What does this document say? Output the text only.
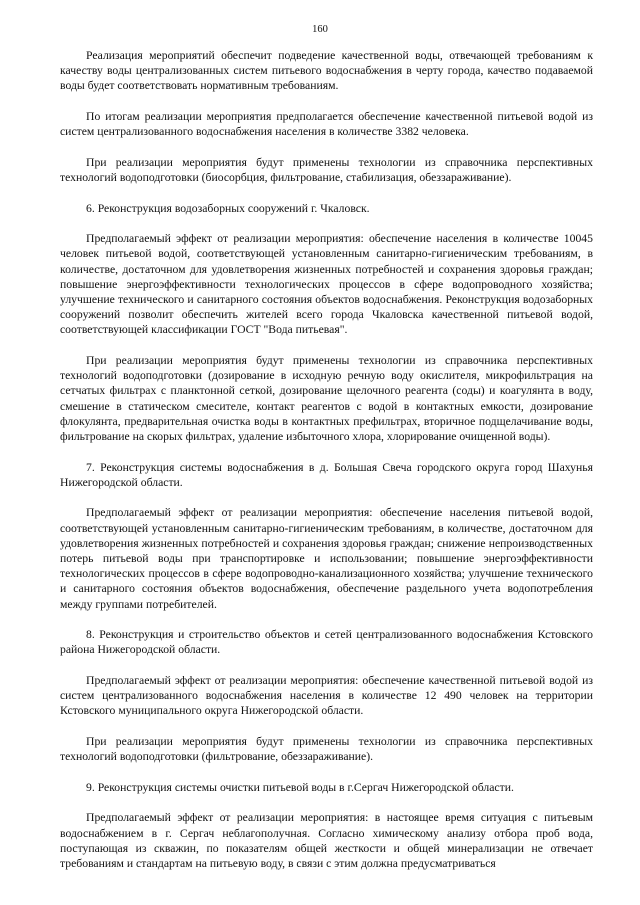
160

Реализация мероприятий обеспечит подведение качественной воды, отвечающей требованиям к качеству воды централизованных систем питьевого водоснабжения в черту города, качество подаваемой воды будет соответствовать нормативным требованиям.

По итогам реализации мероприятия предполагается обеспечение качественной питьевой водой из систем централизованного водоснабжения населения в количестве 3382 человека.

При реализации мероприятия будут применены технологии из справочника перспективных технологий водоподготовки (биосорбция, фильтрование, стабилизация, обеззараживание).

6. Реконструкция водозаборных сооружений г. Чкаловск.

Предполагаемый эффект от реализации мероприятия: обеспечение населения в количестве 10045 человек питьевой водой, соответствующей установленным санитарно-гигиеническим требованиям, в количестве, достаточном для удовлетворения жизненных потребностей и сохранения здоровья граждан; повышение энергоэффективности технологических процессов в сфере водопроводного хозяйства; улучшение технического и санитарного состояния объектов водоснабжения. Реконструкция водозаборных сооружений позволит обеспечить жителей всего города Чкаловска качественной питьевой водой, соответствующей классификации ГОСТ "Вода питьевая".

При реализации мероприятия будут применены технологии из справочника перспективных технологий водоподготовки (дозирование в исходную речную воду окислителя, микрофильтрация на сетчатых фильтрах с планктонной сеткой, дозирование щелочного реагента (соды) и коагулянта в воду, смешение в статическом смесителе, контакт реагентов с водой в контактных емкости, дозирование флокулянта, предварительная очистка воды в контактных префильтрах, вторичное подщелачивание воды, фильтрование на скорых фильтрах, удаление избыточного хлора, хлорирование очищенной воды).

7. Реконструкция системы водоснабжения в д. Большая Свеча городского округа город Шахунья Нижегородской области.

Предполагаемый эффект от реализации мероприятия: обеспечение населения питьевой водой, соответствующей установленным санитарно-гигиеническим требованиям, в количестве, достаточном для удовлетворения жизненных потребностей и сохранения здоровья граждан; снижение непроизводственных потерь питьевой воды при транспортировке и использовании; повышение энергоэффективности технологических процессов в сфере водопроводно-канализационного хозяйства; улучшение технического и санитарного состояния объектов водоснабжения, обеспечение раздельного учета водопотребления между группами потребителей.

8. Реконструкция и строительство объектов и сетей централизованного водоснабжения Кстовского района Нижегородской области.

Предполагаемый эффект от реализации мероприятия: обеспечение качественной питьевой водой из систем централизованного водоснабжения населения в количестве 12 490 человек на территории Кстовского муниципального округа Нижегородской области.

При реализации мероприятия будут применены технологии из справочника перспективных технологий водоподготовки (фильтрование, обеззараживание).

9. Реконструкция системы очистки питьевой воды в г.Сергач Нижегородской области.

Предполагаемый эффект от реализации мероприятия: в настоящее время ситуация с питьевым водоснабжением в г. Сергач неблагополучная. Согласно химическому анализу отбора проб вода, поступающая из скважин, по показателям общей жесткости и общей минерализации не отвечает требованиям и стандартам на питьевую воду, в связи с этим должна предусматриваться
